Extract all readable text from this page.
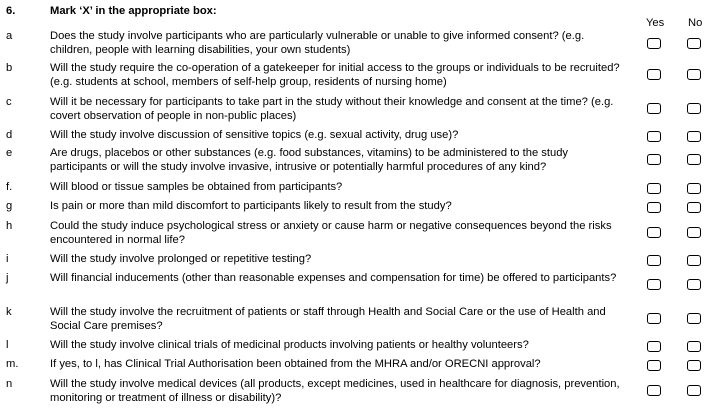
6.	Mark ‘X’ in the appropriate box:
Yes No
a	Does the study involve participants who are particularly vulnerable or unable to give informed consent? (e.g. children, people with learning disabilities, your own students)
b	Will the study require the co-operation of a gatekeeper for initial access to the groups or individuals to be recruited? (e.g. students at school, members of self-help group, residents of nursing home)
c	Will it be necessary for participants to take part in the study without their knowledge and consent at the time? (e.g. covert observation of people in non-public places)
d	Will the study involve discussion of sensitive topics (e.g. sexual activity, drug use)?
e	Are drugs, placebos or other substances (e.g. food substances, vitamins) to be administered to the study participants or will the study involve invasive, intrusive or potentially harmful procedures of any kind?
f.	Will blood or tissue samples be obtained from participants?
g	Is pain or more than mild discomfort to participants likely to result from the study?
h	Could the study induce psychological stress or anxiety or cause harm or negative consequences beyond the risks encountered in normal life?
i	Will the study involve prolonged or repetitive testing?
j	Will financial inducements (other than reasonable expenses and compensation for time) be offered to participants?
k	Will the study involve the recruitment of patients or staff through Health and Social Care or the use of Health and Social Care premises?
l	Will the study involve clinical trials of medicinal products involving patients or healthy volunteers?
m.	If yes, to l, has Clinical Trial Authorisation been obtained from the MHRA and/or ORECNI approval?
n	Will the study involve medical devices (all products, except medicines, used in healthcare for diagnosis, prevention, monitoring or treatment of illness or disability)?
